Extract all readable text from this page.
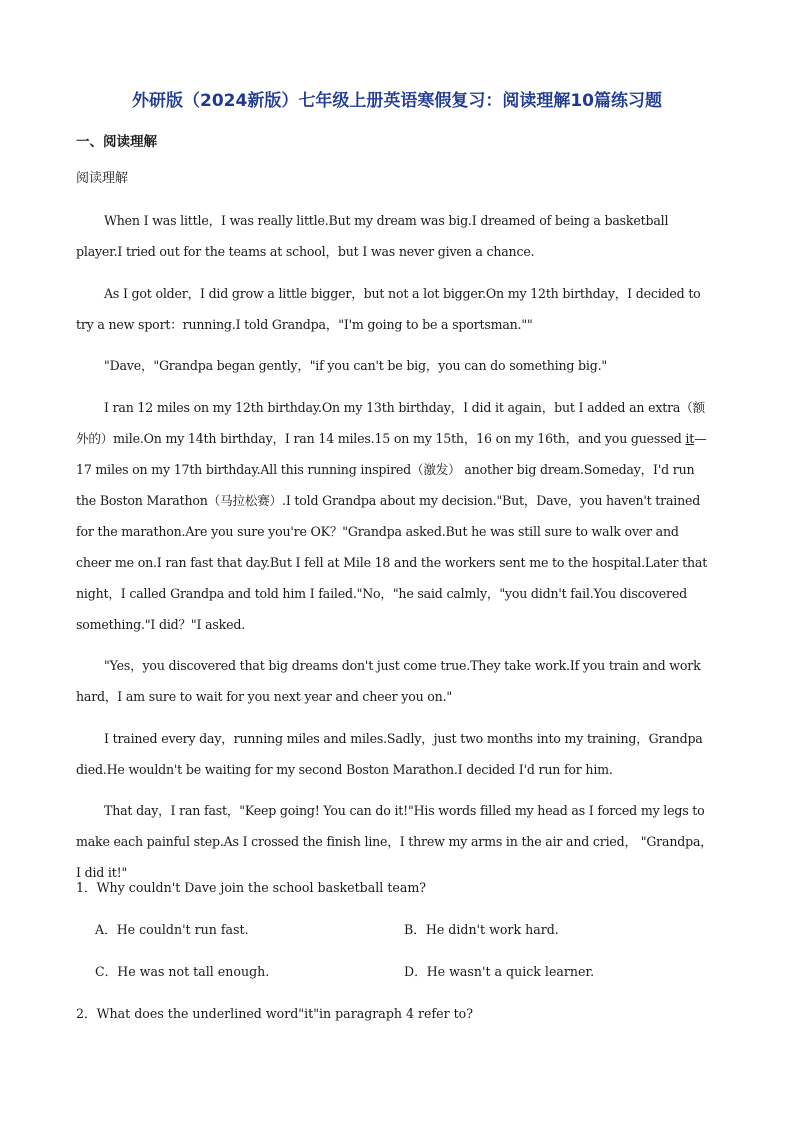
外研版（2024新版）七年级上册英语寒假复习：阅读理解10篇练习题
一、阅读理解
阅读理解

When I was little，I was really little.But my dream was big.I dreamed of being a basketball player.I tried out for the teams at school，but I was never given a chance.

As I got older，I did grow a little bigger，but not a lot bigger.On my 12th birthday，I decided to try a new sport：running.I told Grandpa，"I'm going to be a sportsman.""

"Dave，"Grandpa began gently，"if you can't be big，you can do something big."

I ran 12 miles on my 12th birthday.On my 13th birthday，I did it again，but I added an extra（额外的）mile.On my 14th birthday，I ran 14 miles.15 on my 15th，16 on my 16th，and you guessed it—17 miles on my 17th birthday.All this running inspired（激发） another big dream.Someday，I'd run the Boston Marathon（马拉松赛）.I told Grandpa about my decision."But，Dave，you haven't trained for the marathon.Are you sure you're OK？"Grandpa asked.But he was still sure to walk over and cheer me on.I ran fast that day.But I fell at Mile 18 and the workers sent me to the hospital.Later that night，I called Grandpa and told him I failed."No，"he said calmly，"you didn't fail.You discovered something."I did？"I asked.

"Yes，you discovered that big dreams don't just come true.They take work.If you train and work hard，I am sure to wait for you next year and cheer you on."

I trained every day，running miles and miles.Sadly，just two months into my training，Grandpa died.He wouldn't be waiting for my second Boston Marathon.I decided I'd run for him.

That day，I ran fast，"Keep going! You can do it!"His words filled my head as I forced my legs to make each painful step.As I crossed the finish line，I threw my arms in the air and cried， "Grandpa，I did it!"

1．Why couldn't Dave join the school basketball team?
A．He couldn't run fast.	B．He didn't work hard.
C．He was not tall enough.	D．He wasn't a quick learner.
2．What does the underlined word"it"in paragraph 4 refer to?
